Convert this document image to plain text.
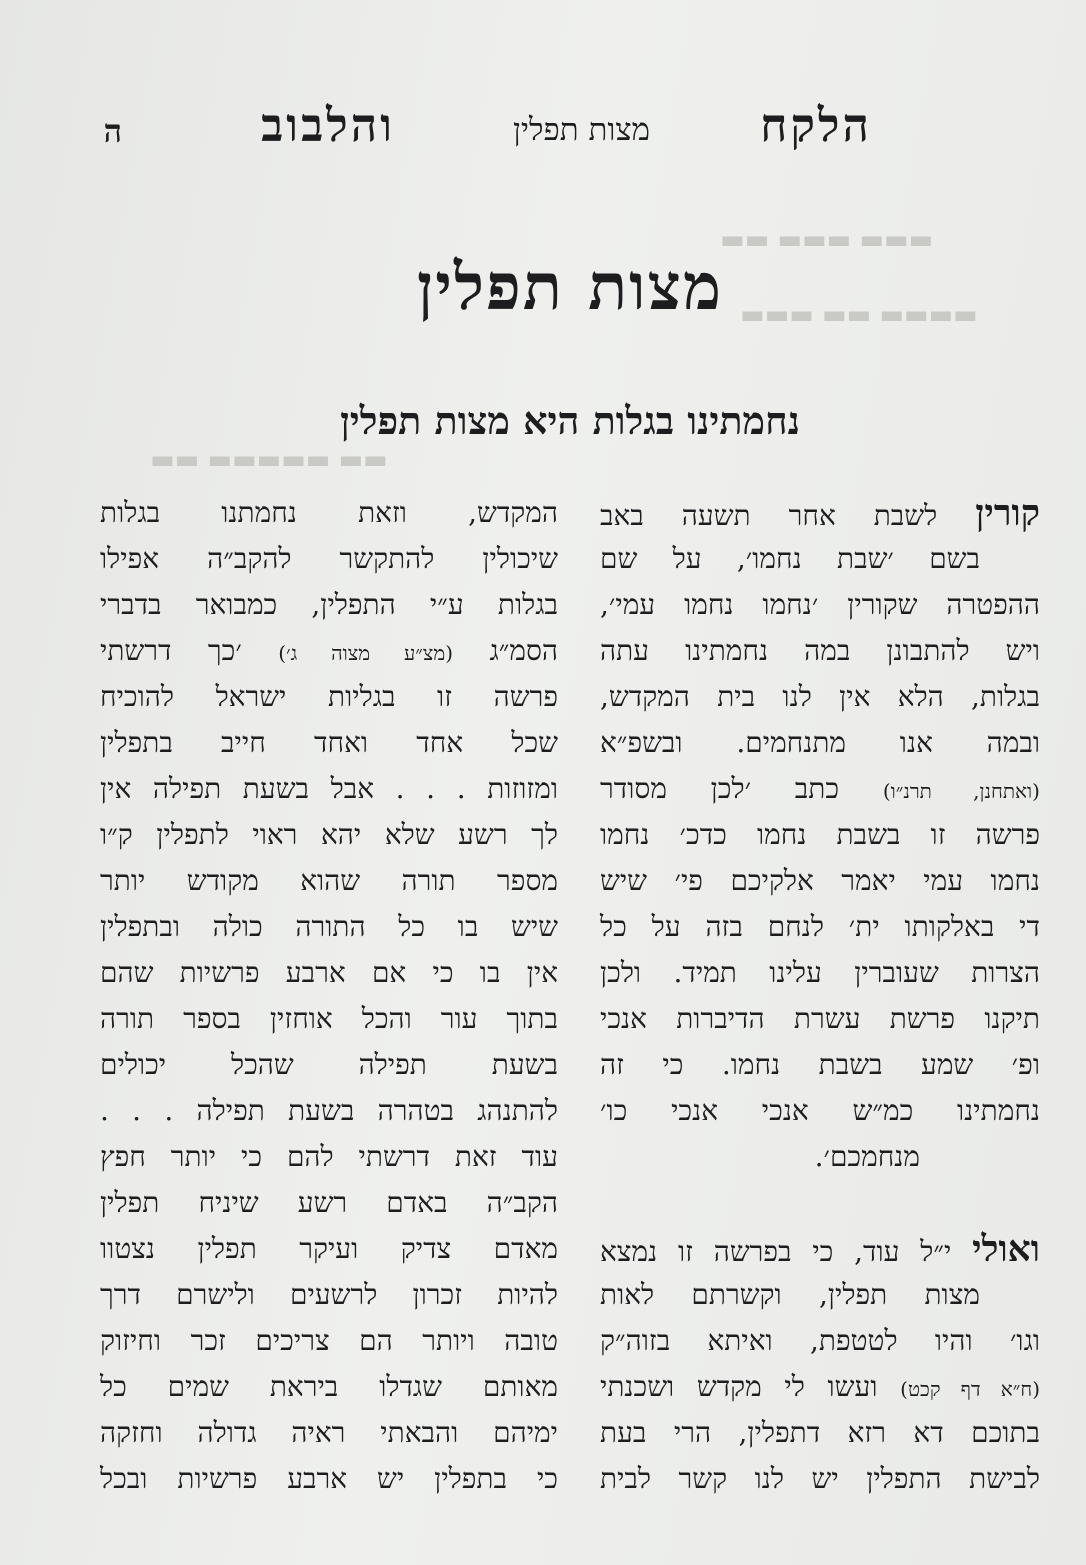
▬▬▬ ▬▬▬ ▬▬
▬▬▬▬ ▬▬ ▬▬▬
▬▬ ▬▬▬▬▬ ▬▬
הלקח
מצות תפלין
והלבוב
ה
מצות תפלין
נחמתינו בגלות היא מצות תפלין
קורין לשבת אחר תשעה באב
בשם ׳שבת נחמו׳, על שם
ההפטרה שקורין ׳נחמו נחמו עמי׳,
ויש להתבונן במה נחמתינו עתה
בגלות, הלא אין לנו בית המקדש,
ובמה אנו מתנחמים. ובשפ״א
(ואתחנן, תרנ״ו) כתב ׳לכן מסודר
פרשה זו בשבת נחמו כדכ׳ נחמו
נחמו עמי יאמר אלקיכם פי׳ שיש
די באלקותו ית׳ לנחם בזה על כל
הצרות שעוברין עלינו תמיד. ולכן
תיקנו פרשת עשרת הדיברות אנכי
ופ׳ שמע בשבת נחמו. כי זה
נחמתינו כמ״ש אנכי אנכי כו׳
מנחמכם׳.
ואולי י״ל עוד, כי בפרשה זו נמצא
מצות תפלין, וקשרתם לאות
וגו׳ והיו לטטפת, ואיתא בזוה״ק
(ח״א דף קכט) ועשו לי מקדש ושכנתי
בתוכם דא רזא דתפלין, הרי בעת
לבישת התפלין יש לנו קשר לבית
המקדש, וזאת נחמתנו בגלות
שיכולין להתקשר להקב״ה אפילו
בגלות ע״י התפלין, כמבואר בדברי
הסמ״ג (מצ״ע מצוה ג׳) ׳כך דרשתי
פרשה זו בגליות ישראל להוכיח
שכל אחד ואחד חייב בתפלין
ומזוזות . . . אבל בשעת תפילה אין
לך רשע שלא יהא ראוי לתפלין ק״ו
מספר תורה שהוא מקודש יותר
שיש בו כל התורה כולה ובתפלין
אין בו כי אם ארבע פרשיות שהם
בתוך עור והכל אוחזין בספר תורה
בשעת תפילה שהכל יכולים
להתנהג בטהרה בשעת תפילה . . .
עוד זאת דרשתי להם כי יותר חפץ
הקב״ה באדם רשע שיניח תפלין
מאדם צדיק ועיקר תפלין נצטוו
להיות זכרון לרשעים ולישרם דרך
טובה ויותר הם צריכים זכר וחיזוק
מאותם שגדלו ביראת שמים כל
ימיהם והבאתי ראיה גדולה וחזקה
כי בתפלין יש ארבע פרשיות ובכל
